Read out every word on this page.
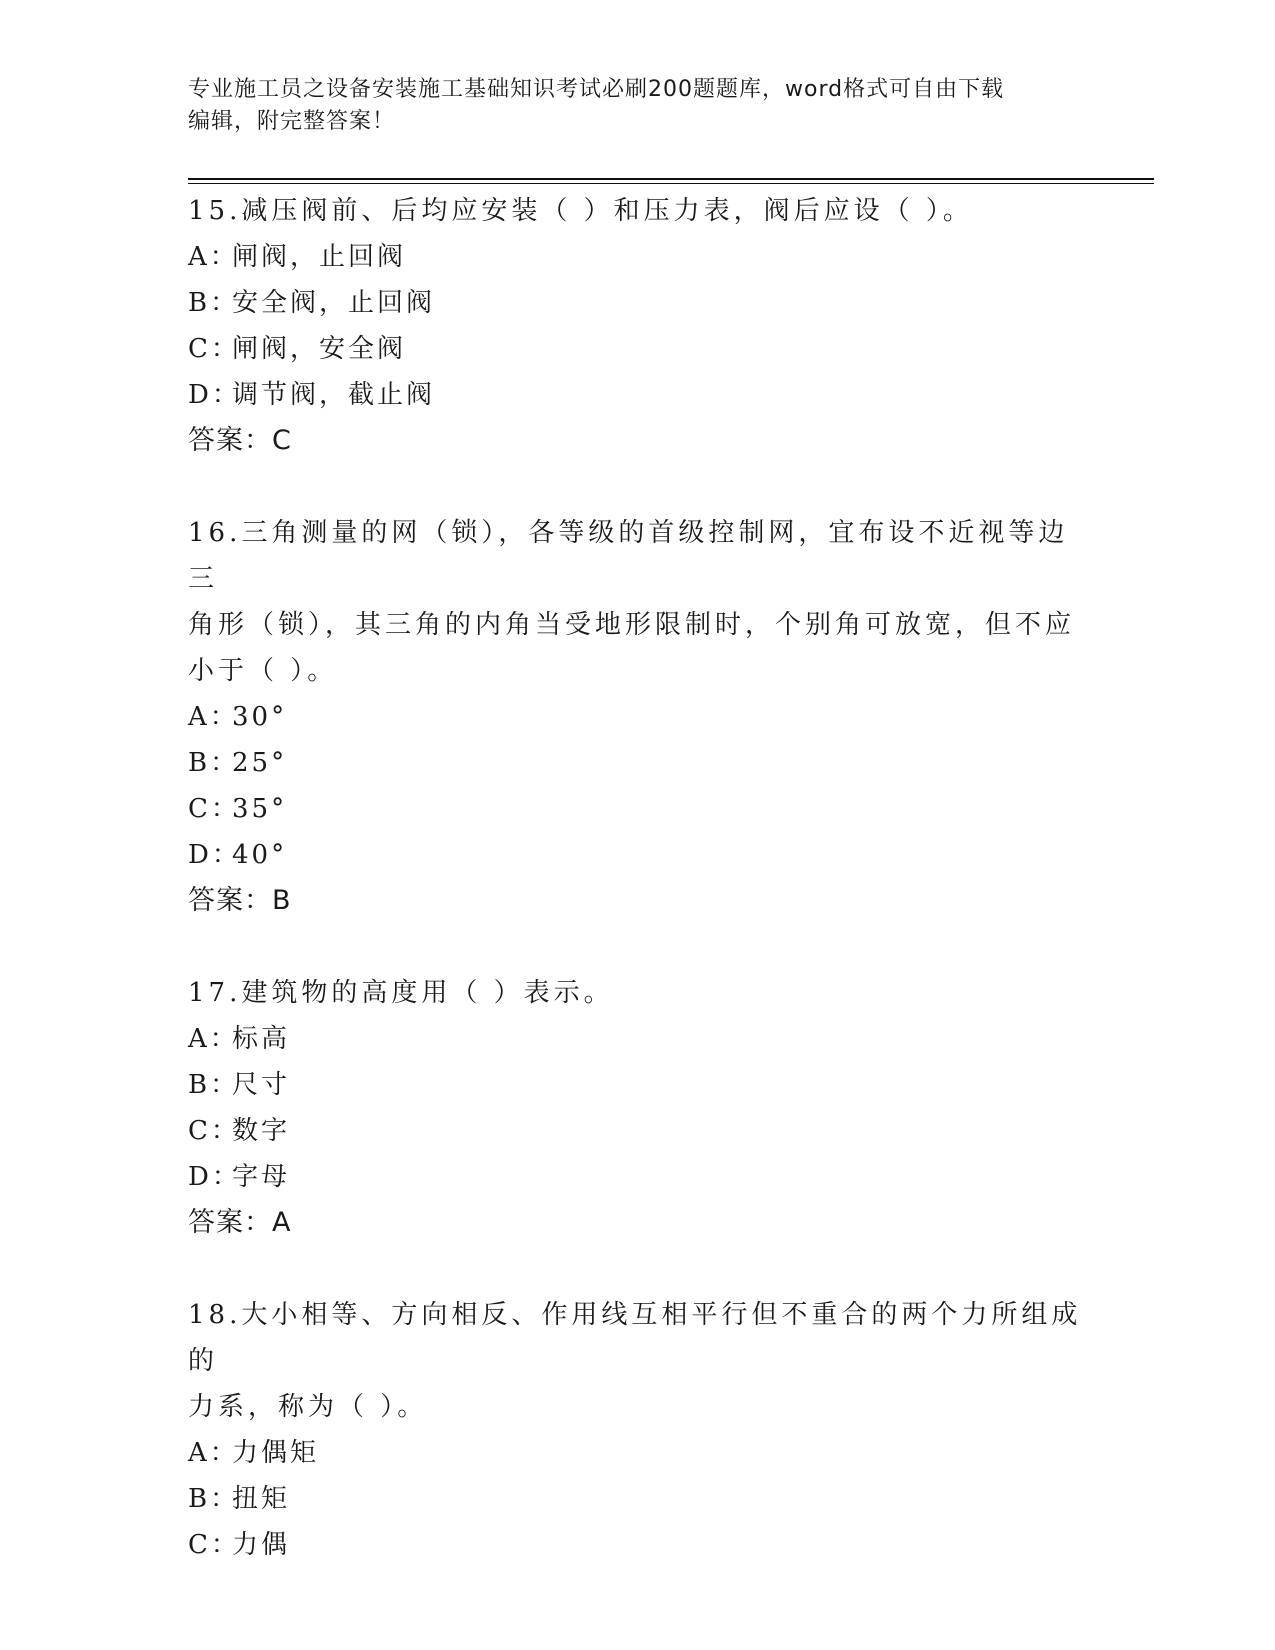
专业施工员之设备安装施工基础知识考试必刷200题题库，word格式可自由下载
编辑，附完整答案！
15.减压阀前、后均应安装（ ）和压力表，阀后应设（ ）。
A：闸阀，止回阀
B：安全阀，止回阀
C：闸阀，安全阀
D：调节阀，截止阀
答案：C
16.三角测量的网（锁），各等级的首级控制网，宜布设不近视等边三
角形（锁），其三角的内角当受地形限制时，个别角可放宽，但不应
小于（ ）。
A：30°
B：25°
C：35°
D：40°
答案：B
17.建筑物的高度用（ ）表示。
A：标高
B：尺寸
C：数字
D：字母
答案：A
18.大小相等、方向相反、作用线互相平行但不重合的两个力所组成的
力系，称为（ ）。
A：力偶矩
B：扭矩
C：力偶
